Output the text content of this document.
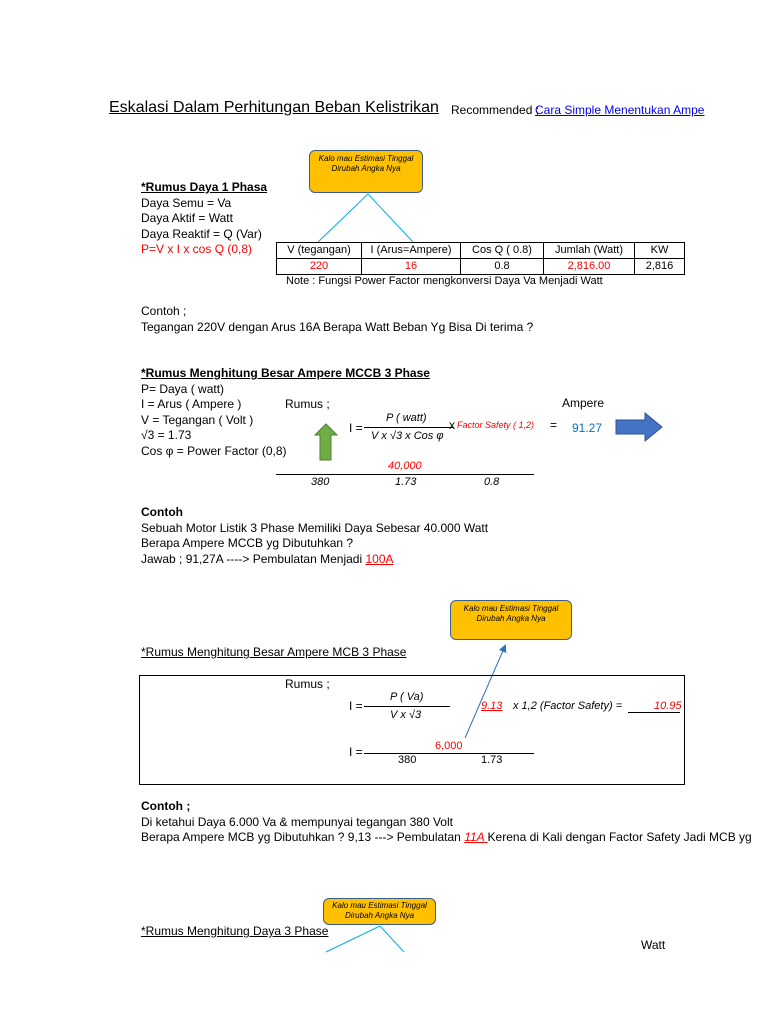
Eskalasi Dalam Perhitungan Beban Kelistrikan Recommended ;
Cara Simple Menentukan Ampe
Kalo mau Estimasi Tinggal
Dirubah Angka Nya
*Rumus Daya 1 Phasa
Daya Semu = Va
Daya Aktif = Watt
Daya Reaktif = Q (Var)
P=V x I x cos Q (0,8)	V (tegangan)	I (Arus=Ampere)	Cos Q ( 0.8)	Jumlah (Watt)	KW
220	16	0.8	2,816.00	2,816
Note : Fungsi Power Factor mengkonversi Daya Va Menjadi Watt
Contoh ;
Tegangan 220V dengan Arus 16A Berapa Watt Beban Yg Bisa Di terima ?
*Rumus Menghitung Besar Ampere MCCB 3 Phase
P= Daya ( watt)
I = Arus ( Ampere )
V = Tegangan ( Volt )
√3 = 1.73
Cos φ = Power Factor (0,8)
Rumus ;	Ampere
I =
P ( watt)
V x √3 x Cos φ
x Factor Safety ( 1,2) = 91.27
40,000
380	1.73	0.8
Contoh
Sebuah Motor Listik 3 Phase Memiliki Daya Sebesar 40.000 Watt
Berapa Ampere MCCB yg Dibutuhkan ?
Jawab ; 91,27A ----> Pembulatan Menjadi 100A
Kalo mau Estimasi Tinggal
Dirubah Angka Nya
*Rumus Menghitung Besar Ampere MCB 3 Phase
Rumus ;
I =
P ( Va)
V x √3
9.13 x 1,2 (Factor Safety) =	10.95
I =	6,000
380	1.73
Contoh ;
Di ketahui Daya 6.000 Va & mempunyai tegangan 380 Volt
Berapa Ampere MCB yg Dibutuhkan ? 9,13 ---> Pembulatan 11A Kerena di Kali dengan Factor Safety Jadi MCB yg
Kalo mau Estimasi Tinggal
Dirubah Angka Nya
*Rumus Menghitung Daya 3 Phase
Watt
